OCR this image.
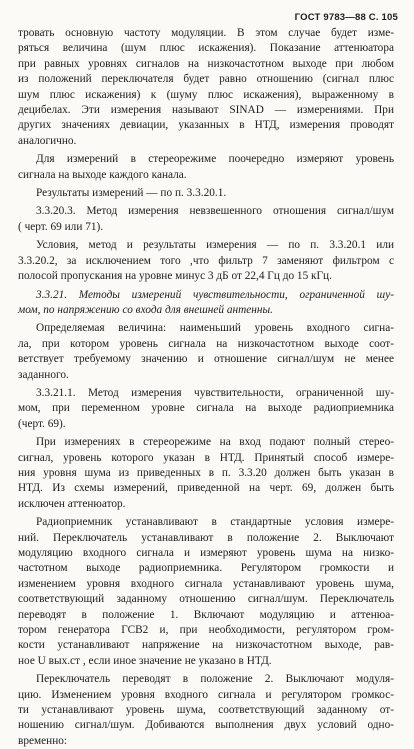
ГОСТ 9783—88 С. 105
тровать основную частоту модуляции. В этом случае будет изме-
ряться величина (шум плюс искажения). Показание аттенюатора
при равных уровнях сигналов на низкочастотном выходе при любом
из положений переключателя будет равно отношению (сигнал плюс
шум плюс искажения) к (шуму плюс искажения), выраженному в
децибелах. Эти измерения называют SINAD — измерениями. При
других значениях девиации, указанных в НТД, измерения проводят
аналогично.
Для измерений в стереорежиме поочередно измеряют уровень
сигнала на выходе каждого канала.
Результаты измерений — по п. 3.3.20.1.
3.3.20.3. Метод измерения невзвешенного отношения сигнал/шум
( черт. 69 или 71).
Условия, метод и результаты измерения — по п. 3.3.20.1 или
3.3.20.2, за исключением того ,что фильтр 7 заменяют фильтром с
полосой пропускания на уровне минус 3 дБ от 22,4 Гц до 15 кГц.
3.3.21. Методы измерений чувствительности, ограниченной шу-
мом, по напряжению со входа для внешней антенны.
Определяемая величина: наименьший уровень входного сигна-
ла, при котором уровень сигнала на низкочастотном выходе соот-
ветствует требуемому значению и отношение сигнал/шум не менее
заданного.
3.3.21.1. Метод измерения чувствительности, ограниченной шу-
мом, при переменном уровне сигнала на выходе радиоприемника
(черт. 69).
При измерениях в стереорежиме на вход подают полный стерео-
сигнал, уровень которого указан в НТД. Принятый способ измере-
ния уровня шума из приведенных в п. 3.3.20 должен быть указан в
НТД. Из схемы измерений, приведенной на черт. 69, должен быть
исключен аттенюатор.
Радиоприемник устанавливают в стандартные условия измере-
ний. Переключатель устанавливают в положение 2. Выключают
модуляцию входного сигнала и измеряют уровень шума на низко-
частотном выходе радиоприемника. Регулятором громкости и
изменением уровня входного сигнала устанавливают уровень шума,
соответствующий заданному отношению сигнал/шум. Переключатель
переводят в положение 1. Включают модуляцию и аттенюа-
тором генератора ГСВ2 и, при необходимости, регулятором гром-
кости устанавливают напряжение на низкочастотном выходе, рав-
ное U вых.ст , если иное значение не указано в НТД.
Переключатель переводят в положение 2. Выключают модуля-
цию. Изменением уровня входного сигнала и регулятором громкос-
ти устанавливают уровень шума, соответствующий заданному от-
ношению сигнал/шум. Добиваются выполнения двух условий одно-
временно:
